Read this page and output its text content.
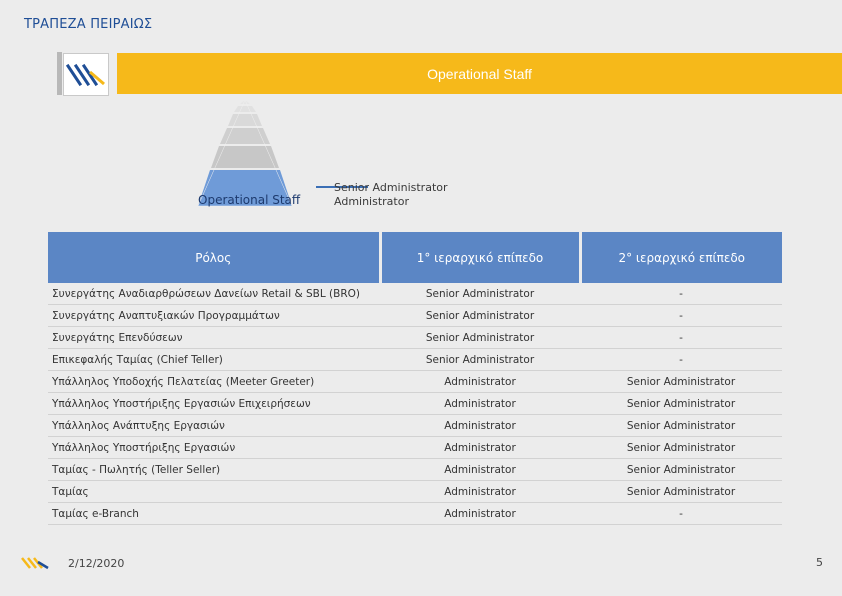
ΤΡΑΠΕΖΑ ΠΕΙΡΑΙΩΣ
Operational Staff
Operational Staff
Senior Administrator
Administrator
Ρόλος	1° ιεραρχικό επίπεδο	2° ιεραρχικό επίπεδο
Συνεργάτης Αναδιαρθρώσεων Δανείων Retail & SBL (BRO)	Senior Administrator	-
Συνεργάτης Αναπτυξιακών Προγραμμάτων	Senior Administrator	-
Συνεργάτης Επενδύσεων	Senior Administrator	-
Επικεφαλής Ταμίας (Chief Teller)	Senior Administrator	-
Υπάλληλος Υποδοχής Πελατείας (Meeter Greeter)	Administrator	Senior Administrator
Υπάλληλος Υποστήριξης Εργασιών Επιχειρήσεων	Administrator	Senior Administrator
Υπάλληλος Ανάπτυξης Εργασιών	Administrator	Senior Administrator
Υπάλληλος Υποστήριξης Εργασιών	Administrator	Senior Administrator
Ταμίας - Πωλητής (Teller Seller)	Administrator	Senior Administrator
Ταμίας	Administrator	Senior Administrator
Ταμίας e-Branch	Administrator	-
2/12/2020	5
